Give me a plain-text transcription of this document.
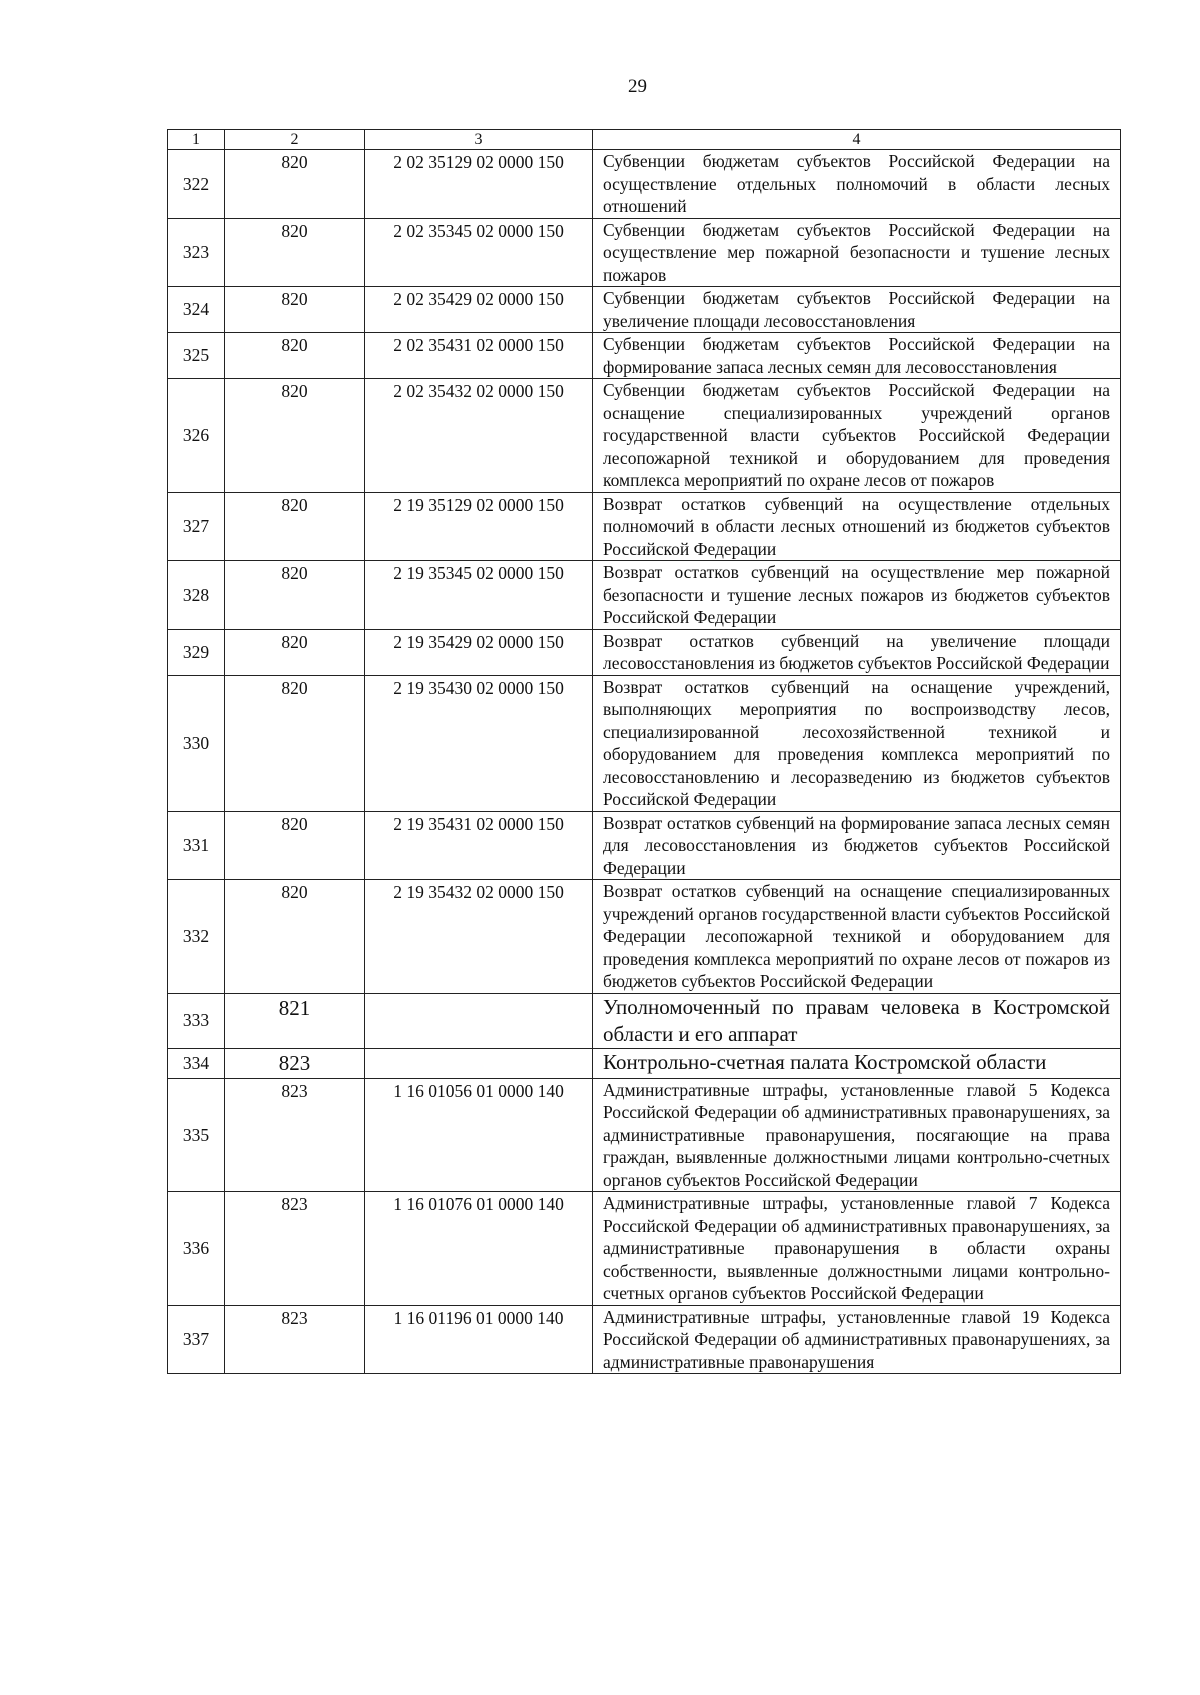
29
1	2	3	4
322	820	2 02 35129 02 0000 150	Субвенции бюджетам субъектов Российской Федерации на осуществление отдельных полномочий в области лесных отношений
323	820	2 02 35345 02 0000 150	Субвенции бюджетам субъектов Российской Федерации на осуществление мер пожарной безопасности и тушение лесных пожаров
324	820	2 02 35429 02 0000 150	Субвенции бюджетам субъектов Российской Федерации на увеличение площади лесовосстановления
325	820	2 02 35431 02 0000 150	Субвенции бюджетам субъектов Российской Федерации на формирование запаса лесных семян для лесовосстановления
326	820	2 02 35432 02 0000 150	Субвенции бюджетам субъектов Российской Федерации на оснащение специализированных учреждений органов государственной власти субъектов Российской Федерации лесопожарной техникой и оборудованием для проведения комплекса мероприятий по охране лесов от пожаров
327	820	2 19 35129 02 0000 150	Возврат остатков субвенций на осуществление отдельных полномочий в области лесных отношений из бюджетов субъектов Российской Федерации
328	820	2 19 35345 02 0000 150	Возврат остатков субвенций на осуществление мер пожарной безопасности и тушение лесных пожаров из бюджетов субъектов Российской Федерации
329	820	2 19 35429 02 0000 150	Возврат остатков субвенций на увеличение площади лесовосстановления из бюджетов субъектов Российской Федерации
330	820	2 19 35430 02 0000 150	Возврат остатков субвенций на оснащение учреждений, выполняющих мероприятия по воспроизводству лесов, специализированной лесохозяйственной техникой и оборудованием для проведения комплекса мероприятий по лесовосстановлению и лесоразведению из бюджетов субъектов Российской Федерации
331	820	2 19 35431 02 0000 150	Возврат остатков субвенций на формирование запаса лесных семян для лесовосстановления из бюджетов субъектов Российской Федерации
332	820	2 19 35432 02 0000 150	Возврат остатков субвенций на оснащение специализированных учреждений органов государственной власти субъектов Российской Федерации лесопожарной техникой и оборудованием для проведения комплекса мероприятий по охране лесов от пожаров из бюджетов субъектов Российской Федерации
333	821		Уполномоченный по правам человека в Костромской области и его аппарат
334	823		Контрольно-счетная палата Костромской области
335	823	1 16 01056 01 0000 140	Административные штрафы, установленные главой 5 Кодекса Российской Федерации об административных правонарушениях, за административные правонарушения, посягающие на права граждан, выявленные должностными лицами контрольно-счетных органов субъектов Российской Федерации
336	823	1 16 01076 01 0000 140	Административные штрафы, установленные главой 7 Кодекса Российской Федерации об административных правонарушениях, за административные правонарушения в области охраны собственности, выявленные должностными лицами контрольно-счетных органов субъектов Российской Федерации
337	823	1 16 01196 01 0000 140	Административные штрафы, установленные главой 19 Кодекса Российской Федерации об административных правонарушениях, за административные правонарушения
